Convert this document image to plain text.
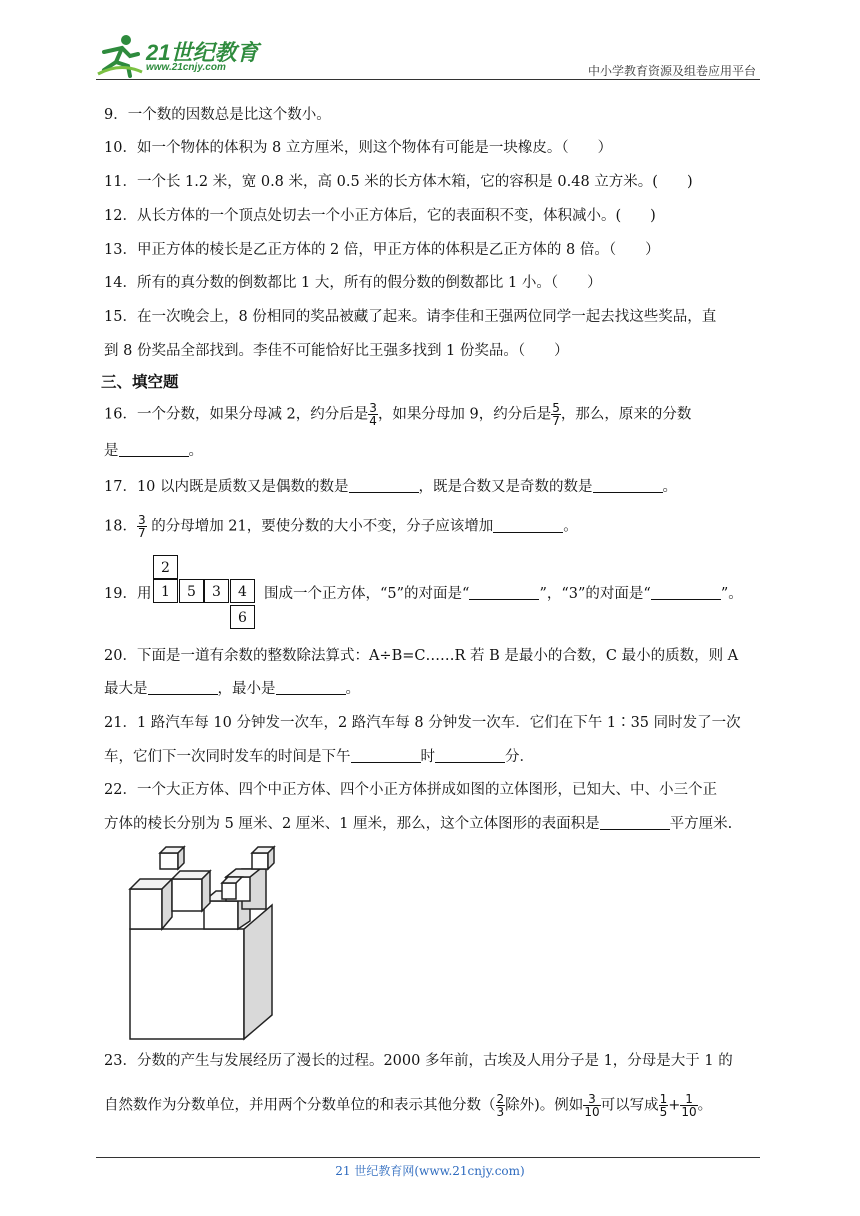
21世纪教育
www.21cnjy.com	中小学教育资源及组卷应用平台
9．一个数的因数总是比这个数小。
10．如一个物体的体积为 8 立方厘米，则这个物体有可能是一块橡皮。（　　）
11．一个长 1.2 米，宽 0.8 米，高 0.5 米的长方体木箱，它的容积是 0.48 立方米。(　　)
12．从长方体的一个顶点处切去一个小正方体后，它的表面积不变，体积减小。(　　)
13．甲正方体的棱长是乙正方体的 2 倍，甲正方体的体积是乙正方体的 8 倍。（　　）
14．所有的真分数的倒数都比 1 大，所有的假分数的倒数都比 1 小。（　　）
15．在一次晚会上，8 份相同的奖品被藏了起来。请李佳和王强两位同学一起去找这些奖品，直
到 8 份奖品全部找到。李佳不可能恰好比王强多找到 1 份奖品。（　　）
三、填空题
16．一个分数，如果分母减 2，约分后是 $\frac{3}{4}$ ，如果分母加 9，约分后是 $\frac{5}{7}$ ，那么，原来的分数
是	。
17．10 以内既是质数又是偶数的数是	，既是合数又是奇数的数是	。
18． $\frac{3}{7}$ 的分母增加 21，要使分数的大小不变，分子应该增加	。
19．用
2
1	5	3	4
6
围成一个正方体，“5”的对面是“	”，“3”的对面是“	”。
20．下面是一道有余数的整数除法算式：A÷B=C……R 若 B 是最小的合数，C 最小的质数，则 A
最大是	，最小是	。
21．1 路汽车每 10 分钟发一次车，2 路汽车每 8 分钟发一次车．它们在下午 1∶35 同时发了一次
车，它们下一次同时发车的时间是下午	时	分．
22．一个大正方体、四个中正方体、四个小正方体拼成如图的立体图形，已知大、中、小三个正
方体的棱长分别为 5 厘米、2 厘米、1 厘米，那么，这个立体图形的表面积是	平方厘米.
23．分数的产生与发展经历了漫长的过程。2000 多年前，古埃及人用分子是 1，分母是大于 1 的
自然数作为分数单位，并用两个分数单位的和表示其他分数（ $\frac{2}{3}$ 除外)。例如 $\frac{3}{10}$ 可以写成 $\frac{1}{5} + \frac{1}{10}$ 。
21 世纪教育网(www.21cnjy.com)
